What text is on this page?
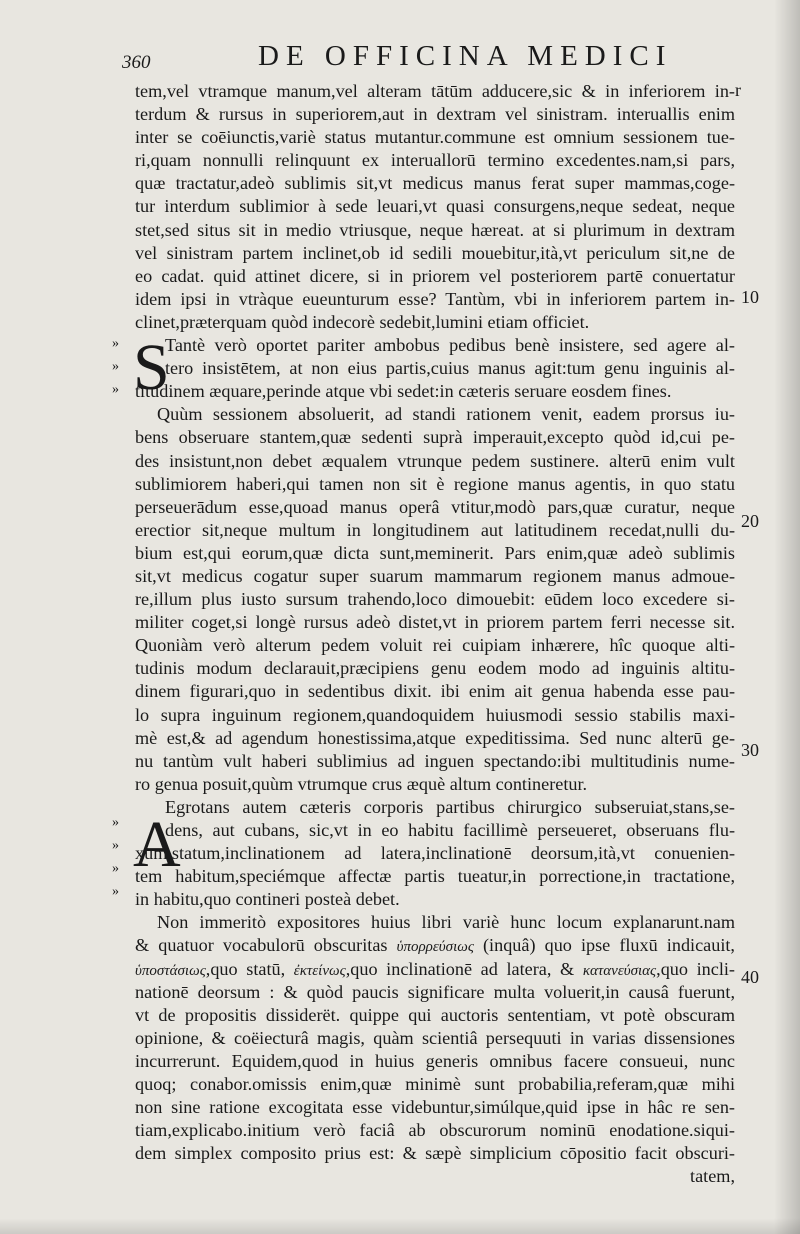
360	DE OFFICINA MEDICI
»
»
»
»
»
»
»
r
10
20
30
40
tem,vel vtramque manum,vel alteram tātūm adducere,sic & in inferiorem in-
terdum & rursus in superiorem,aut in dextram vel sinistram. interuallis enim
inter se coēiunctis,variè status mutantur.commune est omnium sessionem tue-
ri,quam nonnulli relinquunt ex interuallorū termino excedentes.nam,si pars,
quæ tractatur,adeò sublimis sit,vt medicus manus ferat super mammas,coge-
tur interdum sublimior à sede leuari,vt quasi consurgens,neque sedeat, neque
stet,sed situs sit in medio vtriusque, neque hæreat. at si plurimum in dextram
vel sinistram partem inclinet,ob id sedili mouebitur,ità,vt periculum sit,ne de
eo cadat. quid attinet dicere, si in priorem vel posteriorem partē conuertatur
idem ipsi in vtràque eueunturum esse? Tantùm, vbi in inferiorem partem in-
clinet,præterquam quòd indecorè sedebit,lumini etiam officiet.
S
Tantè verò oportet pariter ambobus pedibus benè insistere, sed agere al-
tero insistētem, at non eius partis,cuius manus agit:tum genu inguinis al-
titudinem æquare,perinde atque vbi sedet:in cæteris seruare eosdem fines.
Quùm sessionem absoluerit, ad standi rationem venit, eadem prorsus iu-
bens obseruare stantem,quæ sedenti suprà imperauit,excepto quòd id,cui pe-
des insistunt,non debet æqualem vtrunque pedem sustinere. alterū enim vult
sublimiorem haberi,qui tamen non sit è regione manus agentis, in quo statu
perseuerādum esse,quoad manus operâ vtitur,modò pars,quæ curatur, neque
erectior sit,neque multum in longitudinem aut latitudinem recedat,nulli du-
bium est,qui eorum,quæ dicta sunt,meminerit. Pars enim,quæ adeò sublimis
sit,vt medicus cogatur super suarum mammarum regionem manus admoue-
re,illum plus iusto sursum trahendo,loco dimouebit: eūdem loco excedere si-
militer coget,si longè rursus adeò distet,vt in priorem partem ferri necesse sit.
Quoniàm verò alterum pedem voluit rei cuipiam inhærere, hîc quoque alti-
tudinis modum declarauit,præcipiens genu eodem modo ad inguinis altitu-
dinem figurari,quo in sedentibus dixit. ibi enim ait genua habenda esse pau-
lo supra inguinum regionem,quandoquidem huiusmodi sessio stabilis maxi-
mè est,& ad agendum honestissima,atque expeditissima. Sed nunc alterū ge-
nu tantùm vult haberi sublimius ad inguen spectando:ibi multitudinis nume-
ro genua posuit,quùm vtrumque crus æquè altum contineretur.
A
Egrotans autem cæteris corporis partibus chirurgico subseruiat,stans,se-
dens, aut cubans, sic,vt in eo habitu facillimè perseueret, obseruans flu-
xum,statum,inclinationem ad latera,inclinationē deorsum,ità,vt conuenien-
tem habitum,speciémque affectæ partis tueatur,in porrectione,in tractatione,
in habitu,quo contineri posteà debet.
Non immeritò expositores huius libri variè hunc locum explanarunt.nam
& quatuor vocabulorū obscuritas ὑπορρεύσιως (inquâ) quo ipse fluxū indicauit,
ὑποστάσιως,quo statū, ἐκτείνως,quo inclinationē ad latera, & κατανεύσιας,quo incli-
nationē deorsum : & quòd paucis significare multa voluerit,in causâ fuerunt,
vt de propositis dissiderët. quippe qui auctoris sententiam, vt potè obscuram
opinione, & coëiecturâ magis, quàm scientiâ persequuti in varias dissensiones
incurrerunt. Equidem,quod in huius generis omnibus facere consueui, nunc
quoq; conabor.omissis enim,quæ minimè sunt probabilia,referam,quæ mihi
non sine ratione excogitata esse videbuntur,simúlque,quid ipse in hâc re sen-
tiam,explicabo.initium verò faciâ ab obscurorum nominū enodatione.siqui-
dem simplex composito prius est: & sæpè simplicium cōpositio facit obscuri-
tatem,
